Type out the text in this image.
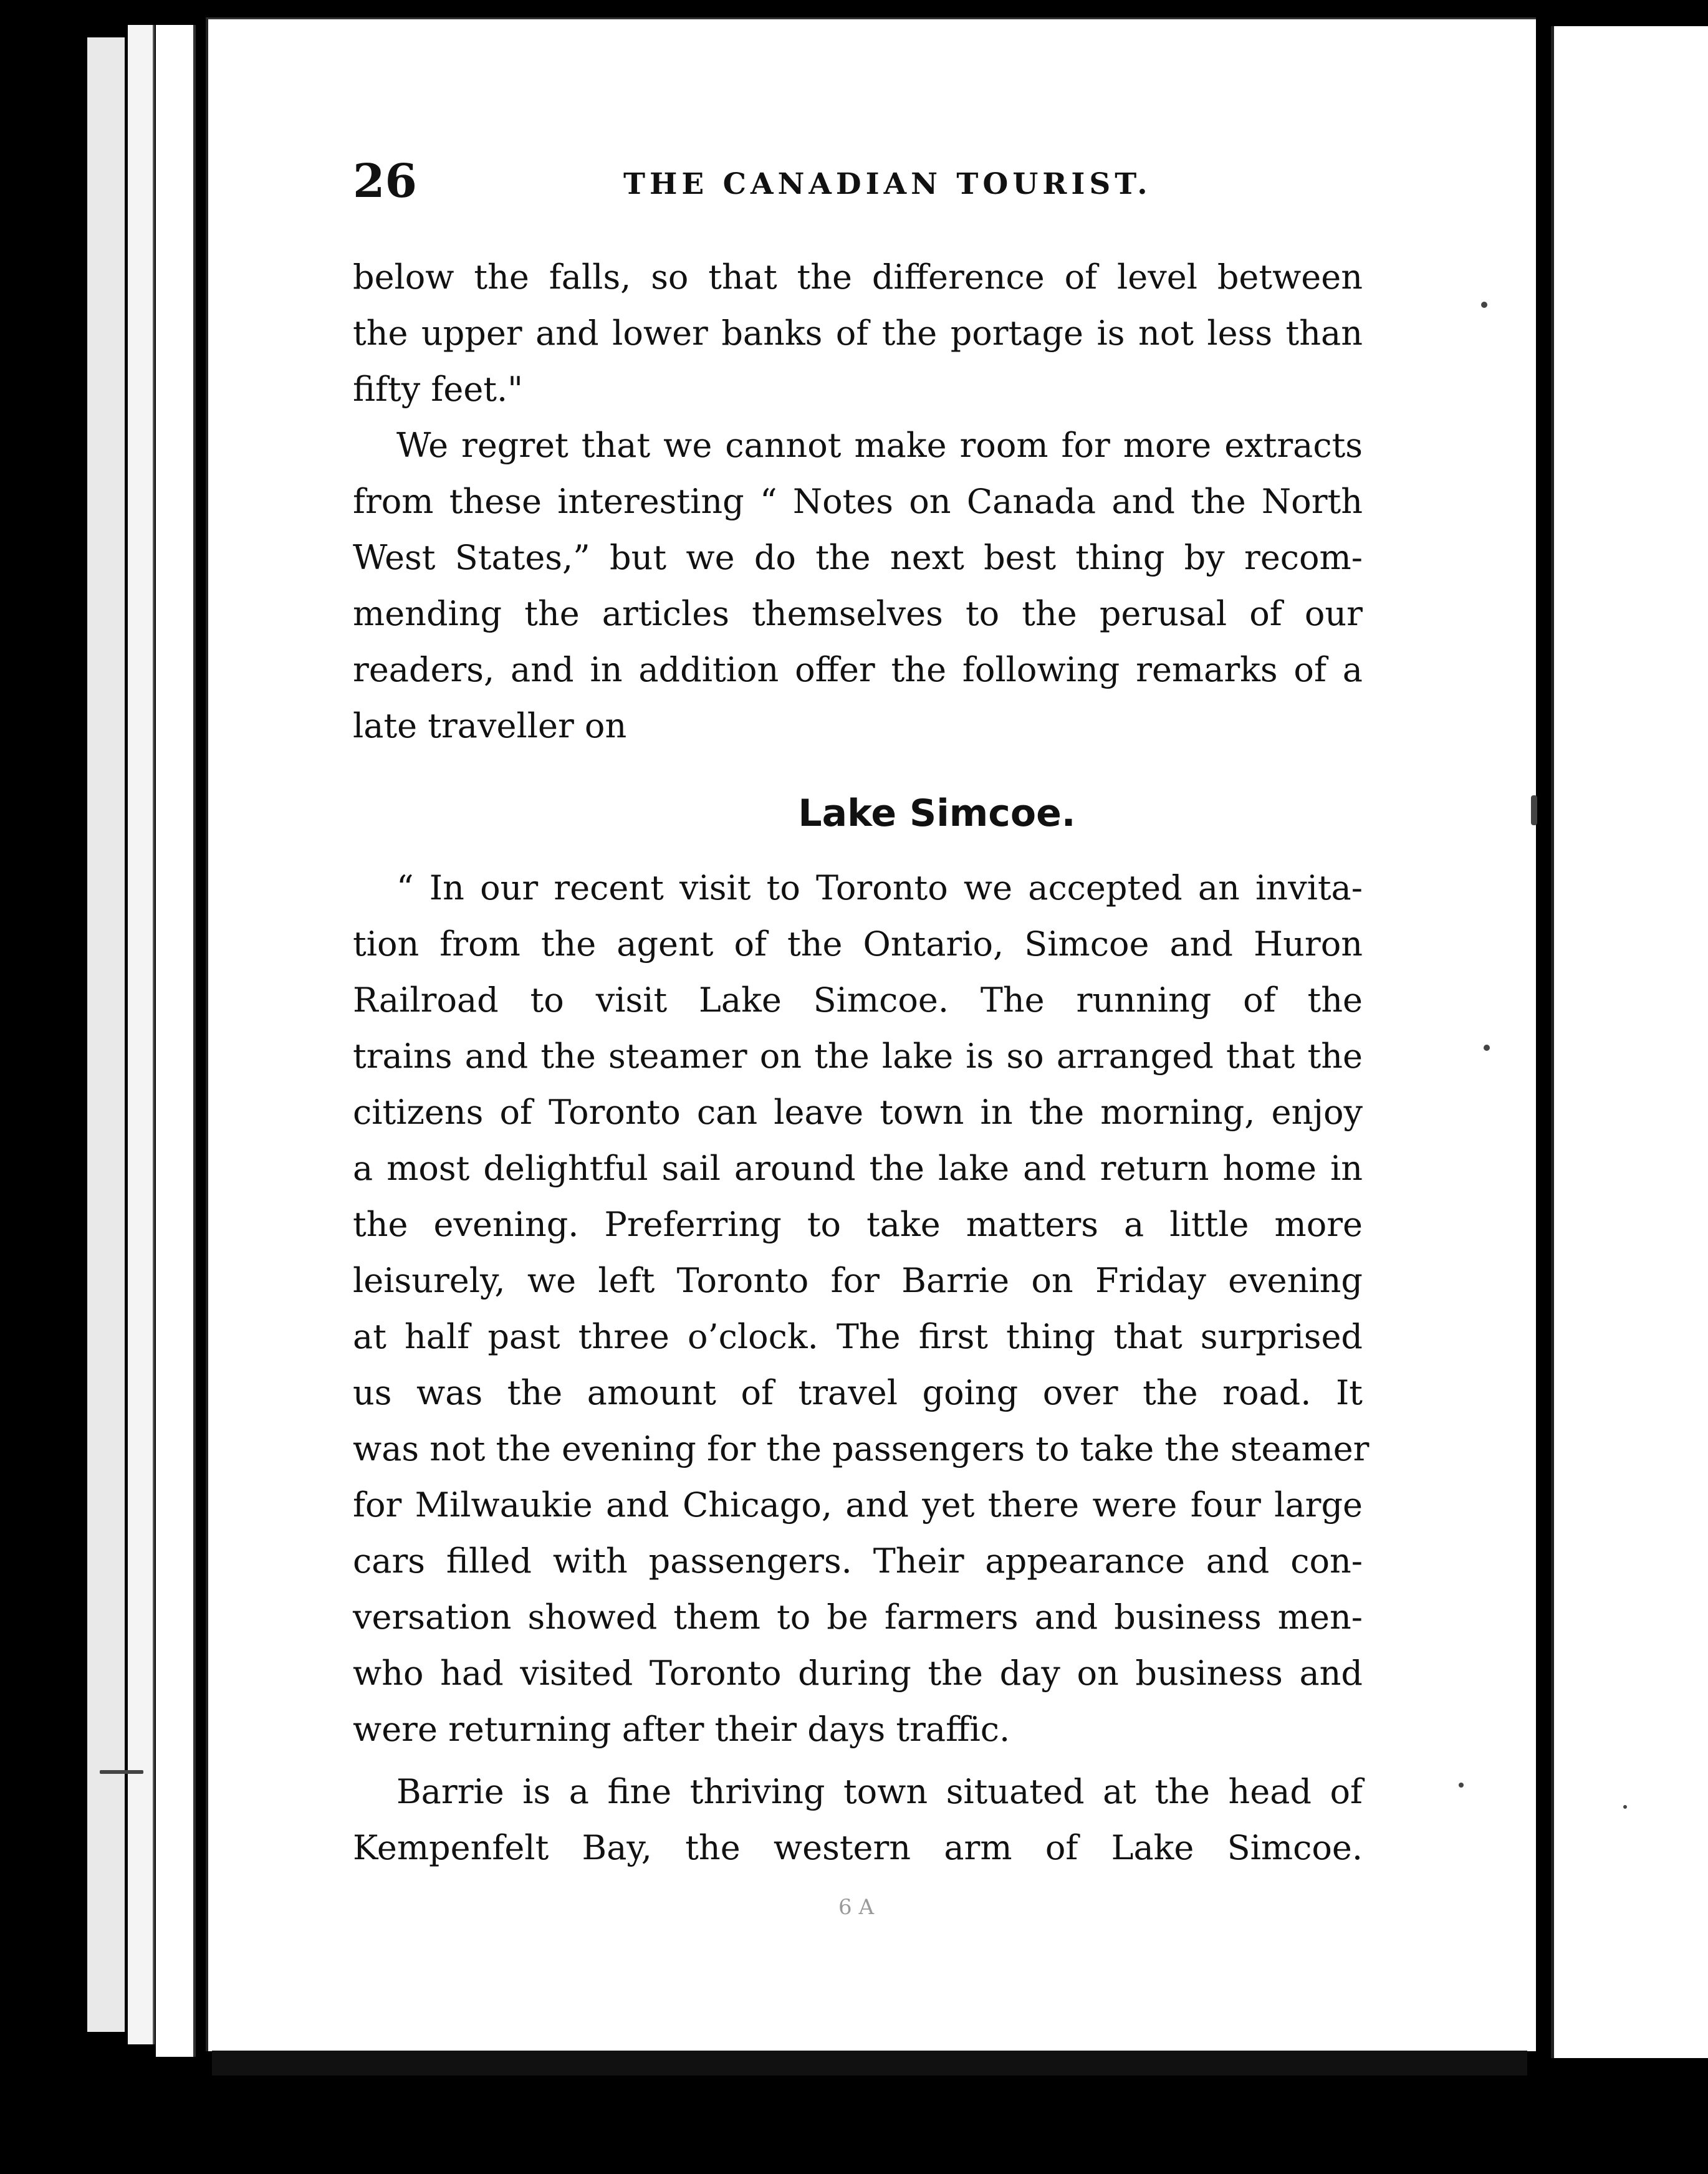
26	THE CANADIAN TOURIST.

below the falls, so that the difference of level between
the upper and lower banks of the portage is not less than
fifty feet."
We regret that we cannot make room for more extracts
from these interesting “ Notes on Canada and the North
West States,” but we do the next best thing by recom-
mending the articles themselves to the perusal of our
readers, and in addition offer the following remarks of a
late traveller on

Lake Simcoe.

“ In our recent visit to Toronto we accepted an invita-
tion from the agent of the Ontario, Simcoe and Huron
Railroad to visit Lake Simcoe. The running of the
trains and the steamer on the lake is so arranged that the
citizens of Toronto can leave town in the morning, enjoy
a most delightful sail around the lake and return home in
the evening. Preferring to take matters a little more
leisurely, we left Toronto for Barrie on Friday evening
at half past three o’clock. The first thing that surprised
us was the amount of travel going over the road. It
was not the evening for the passengers to take the steamer
for Milwaukie and Chicago, and yet there were four large
cars filled with passengers. Their appearance and con-
versation showed them to be farmers and business men-
who had visited Toronto during the day on business and
were returning after their days traffic.
Barrie is a fine thriving town situated at the head of
Kempenfelt Bay, the western arm of Lake Simcoe.

6 A
